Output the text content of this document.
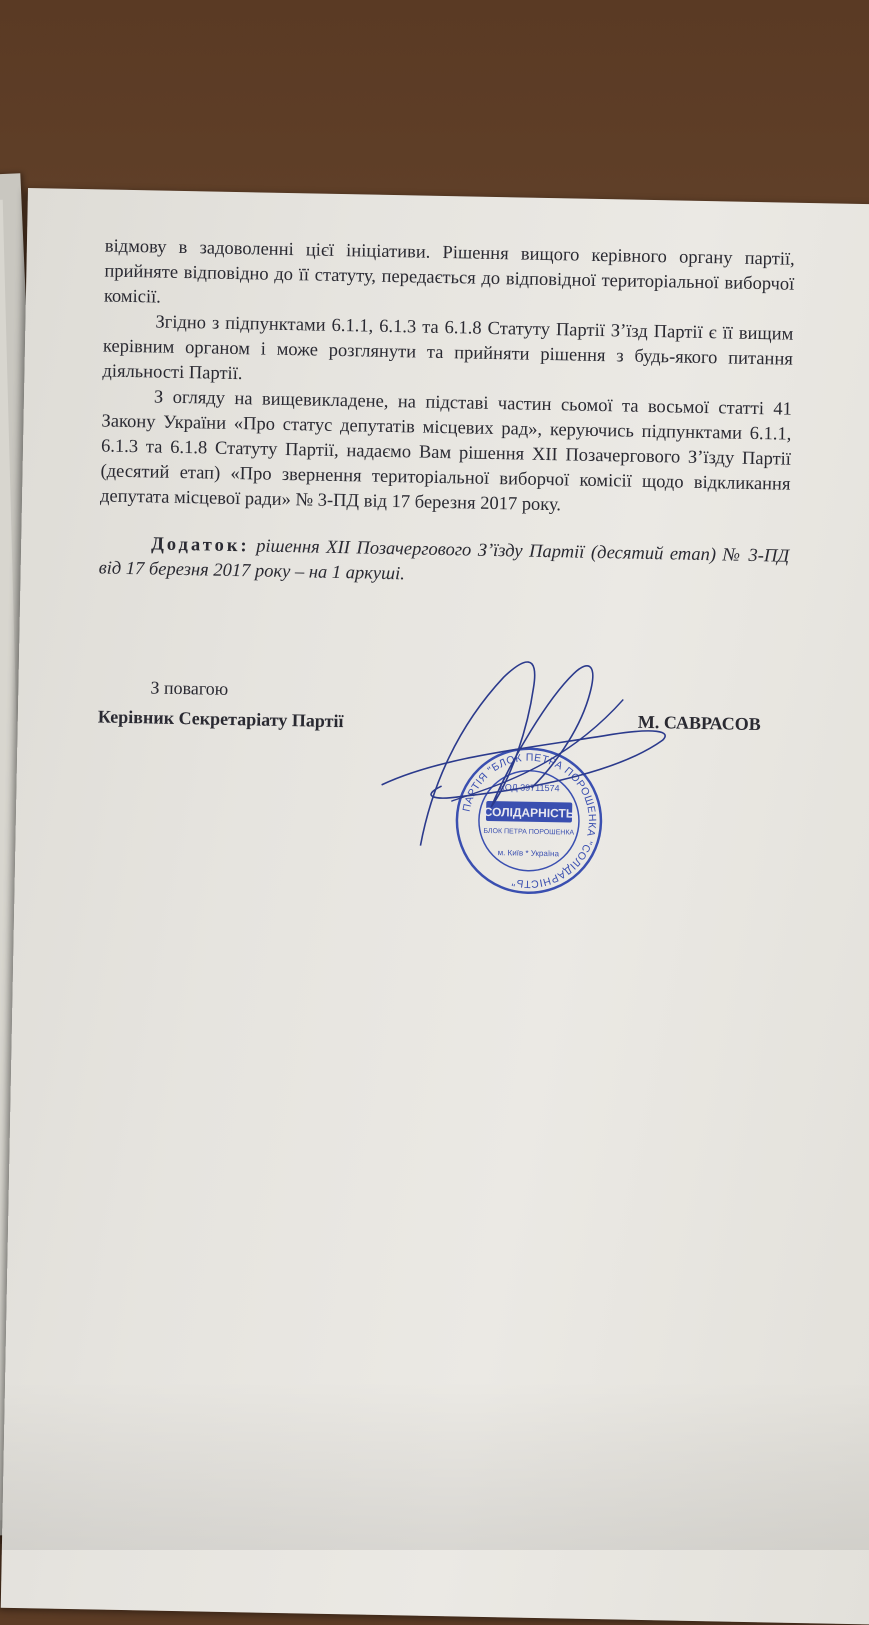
відмову в задоволенні цієї ініціативи. Рішення вищого керівного органу партії, прийняте відповідно до її статуту, передається до відповідної територіальної виборчої комісії.

Згідно з підпунктами 6.1.1, 6.1.3 та 6.1.8 Статуту Партії З’їзд Партії є її вищим керівним органом і може розглянути та прийняти рішення з будь-якого питання діяльності Партії.

З огляду на вищевикладене, на підставі частин сьомої та восьмої статті 41 Закону України «Про статус депутатів місцевих рад», керуючись підпунктами 6.1.1, 6.1.3 та 6.1.8 Статуту Партії, надаємо Вам рішення XII Позачергового З’їзду Партії (десятий етап) «Про звернення територіальної виборчої комісії щодо відкликання депутата місцевої ради» № 3-ПД від 17 березня 2017 року.

Додаток: рішення XII Позачергового З’їзду Партії (десятий етап) № 3-ПД від 17 березня 2017 року – на 1 аркуші.

З повагою
Керівник Секретаріату Партії	М. САВРАСОВ
ПАРТІЯ "БЛОК ПЕТРА ПОРОШЕНКА "СОЛІДАРНІСТЬ"
КОД 39711574
СОЛІДАРНІСТЬ
БЛОК ПЕТРА ПОРОШЕНКА
м. Київ * Україна
